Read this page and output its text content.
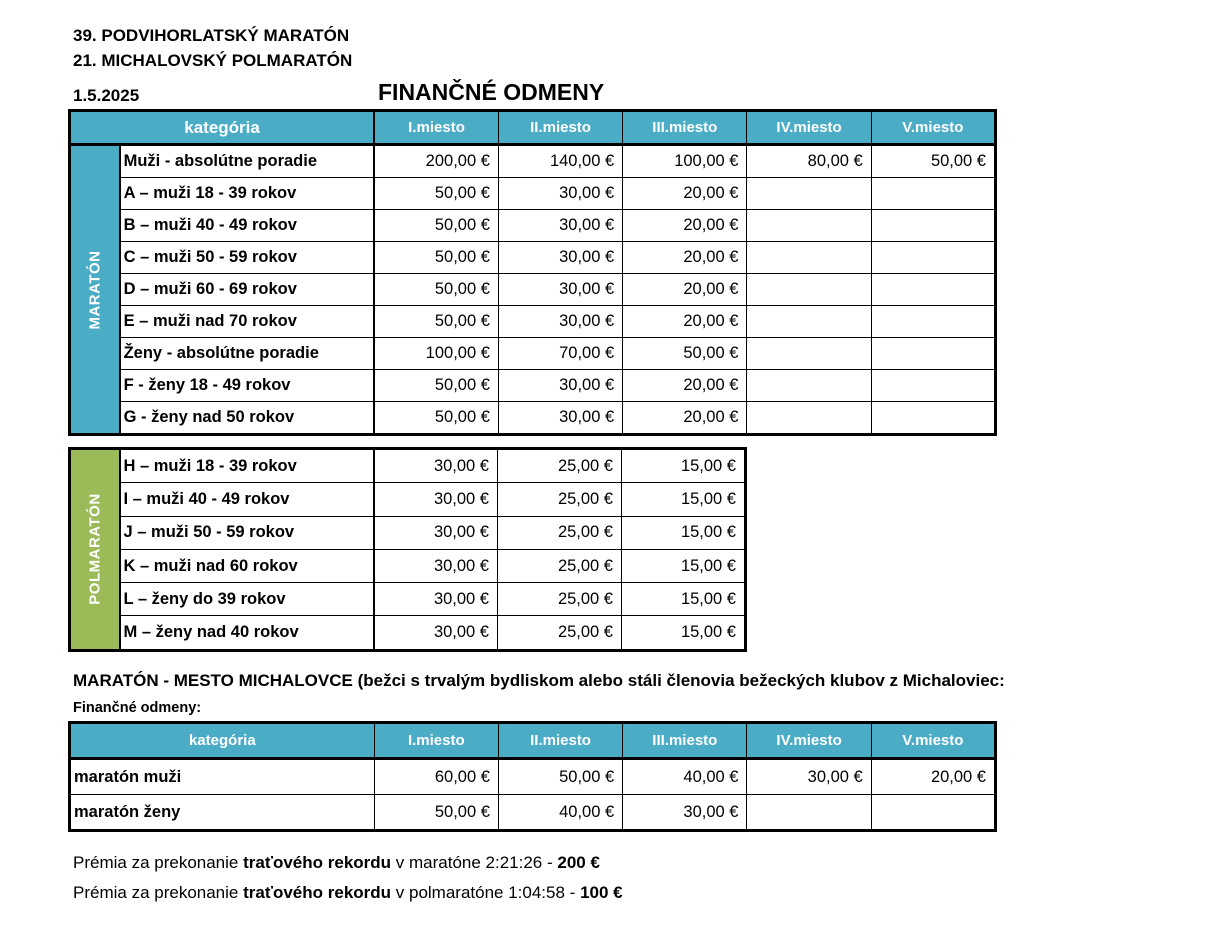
39. PODVIHORLATSKÝ MARATÓN
21. MICHALOVSKÝ POLMARATÓN
1.5.2025	FINANČNÉ ODMENY
kategória		I.miesto	II.miesto	III.miesto	IV.miesto	V.miesto

MARATÓN	Muži - absolútne poradie	200,00 €	140,00 €	100,00 €	80,00 €	50,00 €
	A – muži 18 - 39 rokov	50,00 €	30,00 €	20,00 €		
	B – muži 40 - 49 rokov	50,00 €	30,00 €	20,00 €		
	C – muži 50 - 59 rokov	50,00 €	30,00 €	20,00 €		
	D – muži 60 - 69 rokov	50,00 €	30,00 €	20,00 €		
	E – muži nad 70 rokov	50,00 €	30,00 €	20,00 €		
	Ženy - absolútne poradie	100,00 €	70,00 €	50,00 €		
	F - ženy 18 - 49 rokov	50,00 €	30,00 €	20,00 €		
	G - ženy nad 50 rokov	50,00 €	30,00 €	20,00 €		
POLMARATÓN	H – muži 18 - 39 rokov	30,00 €	25,00 €	15,00 €
	I – muži 40 - 49 rokov	30,00 €	25,00 €	15,00 €
	J – muži 50 - 59 rokov	30,00 €	25,00 €	15,00 €
	K – muži nad 60 rokov	30,00 €	25,00 €	15,00 €
	L – ženy do 39 rokov	30,00 €	25,00 €	15,00 €
	M – ženy nad 40 rokov	30,00 €	25,00 €	15,00 €
MARATÓN - MESTO MICHALOVCE (bežci s trvalým bydliskom alebo stáli členovia bežeckých klubov z Michaloviec:
Finančné odmeny:
kategória	I.miesto	II.miesto	III.miesto	IV.miesto	V.miesto
maratón muži	60,00 €	50,00 €	40,00 €	30,00 €	20,00 €
maratón ženy	50,00 €	40,00 €	30,00 €		
Prémia za prekonanie traťového rekordu v maratóne 2:21:26 - 200 €
Prémia za prekonanie traťového rekordu v polmaratóne 1:04:58 - 100 €
